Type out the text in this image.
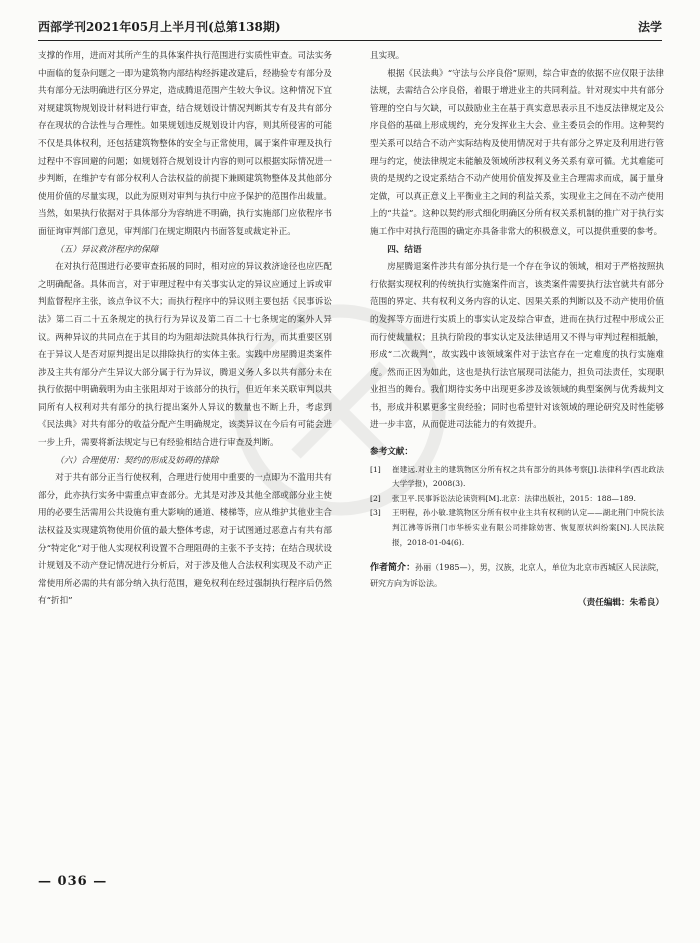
西部学刊2021年05月上半月刊(总第138期)	法学

支撑的作用，进而对其所产生的具体案件执行范围进行实质性审查。司法实务中面临的复杂问题之一即为建筑物内部结构经拆建改建后，经勘验专有部分及共有部分无法明确进行区分界定，造成腾退范围产生较大争议。这种情况下宜对规建筑物规划设计材料进行审查，结合规划设计情况判断其专有及共有部分存在现状的合法性与合理性。如果规划违反规划设计内容，则其所侵害的可能不仅是具体权利，还包括建筑物整体的安全与正常使用，属于案件审理及执行过程中不容回避的问题；如规划符合规划设计内容的则可以根据实际情况进一步判断，在维护专有部分权利人合法权益的前提下兼顾建筑物整体及其他部分使用价值的尽量实现，以此为原则对审判与执行中应予保护的范围作出裁量。当然，如果执行依据对于具体部分为容纳进不明确，执行实施部门应依程序书面征询审判部门意见，审判部门在规定期限内书面答复或裁定补正。

（五）异议救济程序的保障

在对执行范围进行必要审查拓展的同时，相对应的异议救济途径也应匹配之明确配备。具体而言，对于审理过程中有关事实认定的异议应通过上诉或审判监督程序主张，该点争议不大；而执行程序中的异议则主要包括《民事诉讼法》第二百二十五条规定的执行行为异议及第二百二十七条规定的案外人异议。两种异议的共同点在于其目的均为阻却法院具体执行行为，而其重要区别在于异议人是否对原判提出足以排除执行的实体主张。实践中房屋腾退类案件涉及主共有部分产生异议大部分属于行为异议，腾退义务人多以共有部分未在执行依据中明确载明为由主张阻却对于该部分的执行，但近年来关联审判以共同所有人权利对共有部分的执行提出案外人异议的数量也不断上升，考虑到《民法典》对共有部分的收益分配产生明确规定，该类异议在今后有可能会进一步上升，需要将新法规定与已有经验相结合进行审查及判断。

（六）合理使用：契约的形成及妨碍的排除

对于共有部分正当行使权利，合理进行使用中重要的一点即为不滥用共有部分，此亦执行实务中需重点审查部分。尤其是对涉及其他全部或部分业主使用的必要生活需用公共设施有重大影响的通道、楼梯等，应从维护其他业主合法权益及实现建筑物使用价值的最大整体考虑，对于试图通过恶意占有共有部分“特定化”对于他人实现权利设置不合理阻碍的主张不予支持；在结合现状设计规划及不动产登记情况进行分析后，对于涉及他人合法权利实现及不动产正常使用所必需的共有部分纳入执行范围，避免权利在经过强制执行程序后仍然有“折扣”

且实现。

根据《民法典》“守法与公序良俗”原则，综合审查的依据不应仅限于法律法规，去需结合公序良俗，着眼于增进业主的共同利益。针对现实中共有部分管理的空白与欠缺，可以鼓励业主在基于真实意思表示且不违反法律规定及公序良俗的基础上形成规约，充分发挥业主大会、业主委员会的作用。这种契约型关系可以结合不动产实际结构及使用情况对于共有部分之界定及利用进行管理与约定，使法律规定未能触及领域所涉权利义务关系有章可循。尤其难能可贵的是规约之设定系结合不动产使用价值发挥及业主合理需求而成，属于量身定做，可以真正意义上平衡业主之间的利益关系，实现业主之间在不动产使用上的“共益”。这种以契约形式细化明确区分所有权关系机制的推广对于执行实施工作中对执行范围的确定亦具备非常大的积极意义，可以提供重要的参考。

四、结语

房屋腾退案件涉共有部分执行是一个存在争议的领域，相对于严格按照执行依据实现权利的传统执行实施案件而言，该类案件需要执行法官就共有部分范围的界定、共有权利义务内容的认定、因果关系的判断以及不动产使用价值的发挥等方面进行实质上的事实认定及综合审查，进而在执行过程中形成公正而行使裁量权；且执行阶段的事实认定及法律适用又不得与审判过程相抵触，形成“二次裁判”，故实践中该领域案件对于法官存在一定难度的执行实施难度。然而正因为如此，这也是执行法官展现司法能力，担负司法责任，实现职业担当的舞台。我们期待实务中出现更多涉及该领域的典型案例与优秀裁判文书，形成并积累更多宝贵经验；同时也希望针对该领域的理论研究及时性能够进一步丰富，从而促进司法能力的有效提升。

参考文献：
[1]	崔建远.对业主的建筑物区分所有权之共有部分的具体考察[J].法律科学(西北政法大学学报)，2008(3).
[2]	张卫平.民事诉讼法论读资料[M].北京：法律出版社，2015：188—189.
[3]	王明程，孙小敏.建筑物区分所有权中业主共有权利的认定——湖北荆门中院长法判江沸等诉荆门市华桥实业有限公司排除妨害、恢复原状纠纷案[N].人民法院报，2018-01-04(6).
作者简介：孙丽（1985—），男，汉族，北京人，单位为北京市西城区人民法院，研究方向为诉讼法。
（责任编辑：朱希良）
— 036 —
